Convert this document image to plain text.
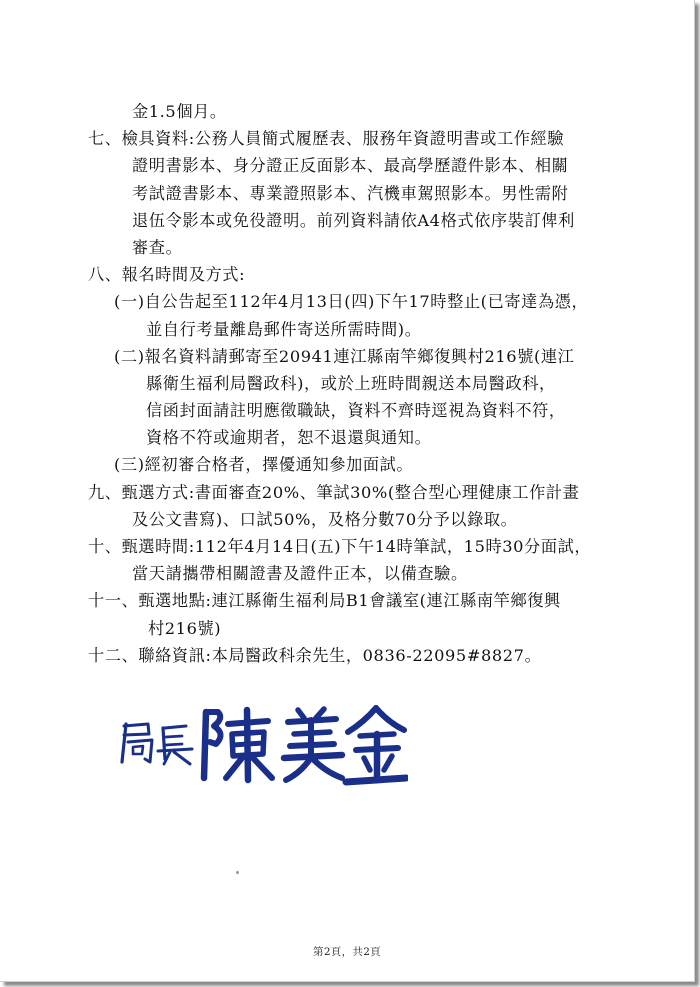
金1.5個月。
七、檢具資料:公務人員簡式履歷表、服務年資證明書或工作經驗
證明書影本、身分證正反面影本、最高學歷證件影本、相關
考試證書影本、專業證照影本、汽機車駕照影本。男性需附
退伍令影本或免役證明。前列資料請依A4格式依序裝訂俾利
審查。
八、報名時間及方式:
(一)自公告起至112年4月13日(四)下午17時整止(已寄達為憑，
並自行考量離島郵件寄送所需時間)。
(二)報名資料請郵寄至20941連江縣南竿鄉復興村216號(連江
縣衛生福利局醫政科)，或於上班時間親送本局醫政科，
信函封面請註明應徵職缺，資料不齊時逕視為資料不符，
資格不符或逾期者，恕不退還與通知。
(三)經初審合格者，擇優通知參加面試。
九、甄選方式:書面審查20%、筆試30%(整合型心理健康工作計畫
及公文書寫)、口試50%，及格分數70分予以錄取。
十、甄選時間:112年4月14日(五)下午14時筆試，15時30分面試，
當天請攜帶相關證書及證件正本，以備查驗。
十一、甄選地點:連江縣衛生福利局B1會議室(連江縣南竿鄉復興
村216號)
十二、聯絡資訊:本局醫政科余先生，0836-22095#8827。
第2頁，共2頁
